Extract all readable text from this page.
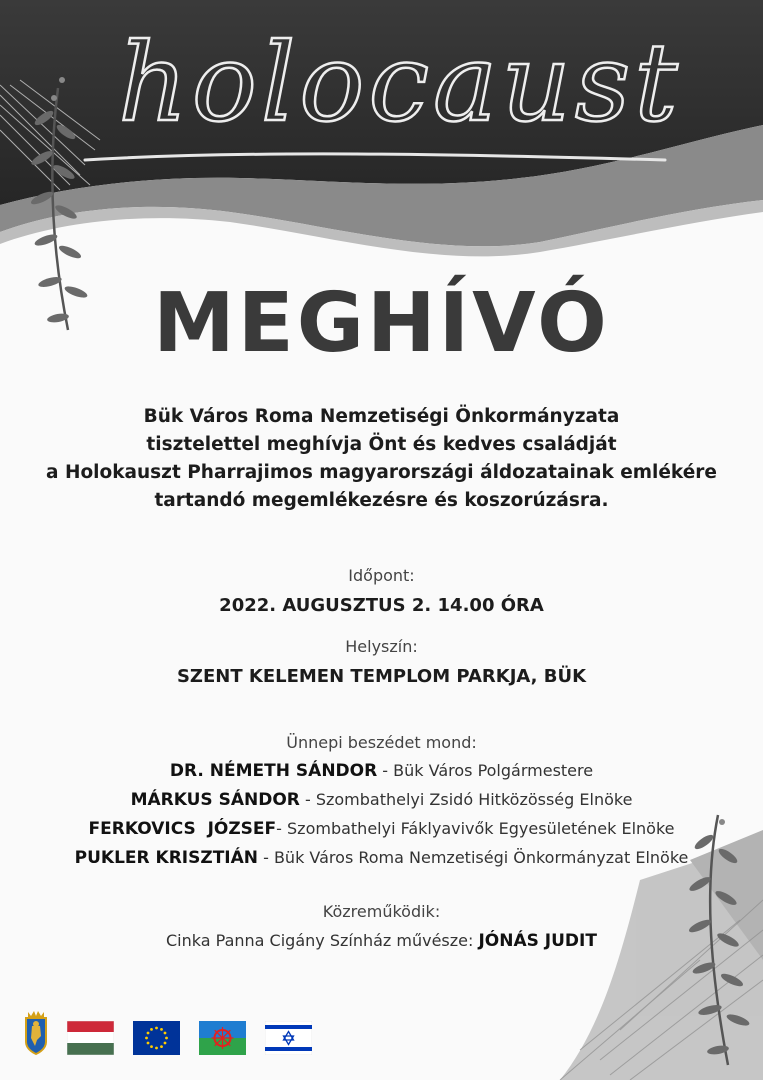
holocaust
MEGHÍVÓ
Bük Város Roma Nemzetiségi Önkormányzata
tisztelettel meghívja Önt és kedves családját
a Holokauszt Pharrajimos magyarországi áldozatainak emlékére
tartandó megemlékezésre és koszorúzásra.
Időpont:
2022. AUGUSZTUS 2. 14.00 ÓRA
Helyszín:
SZENT KELEMEN TEMPLOM PARKJA, BÜK
Ünnepi beszédet mond:
DR. NÉMETH SÁNDOR - Bük Város Polgármestere
MÁRKUS SÁNDOR - Szombathelyi Zsidó Hitközösség Elnöke
FERKOVICS  JÓZSEF- Szombathelyi Fáklyavivők Egyesületének Elnöke
PUKLER KRISZTIÁN - Bük Város Roma Nemzetiségi Önkormányzat Elnöke
Közreműködik:
Cinka Panna Cigány Színház művésze: JÓNÁS JUDIT
